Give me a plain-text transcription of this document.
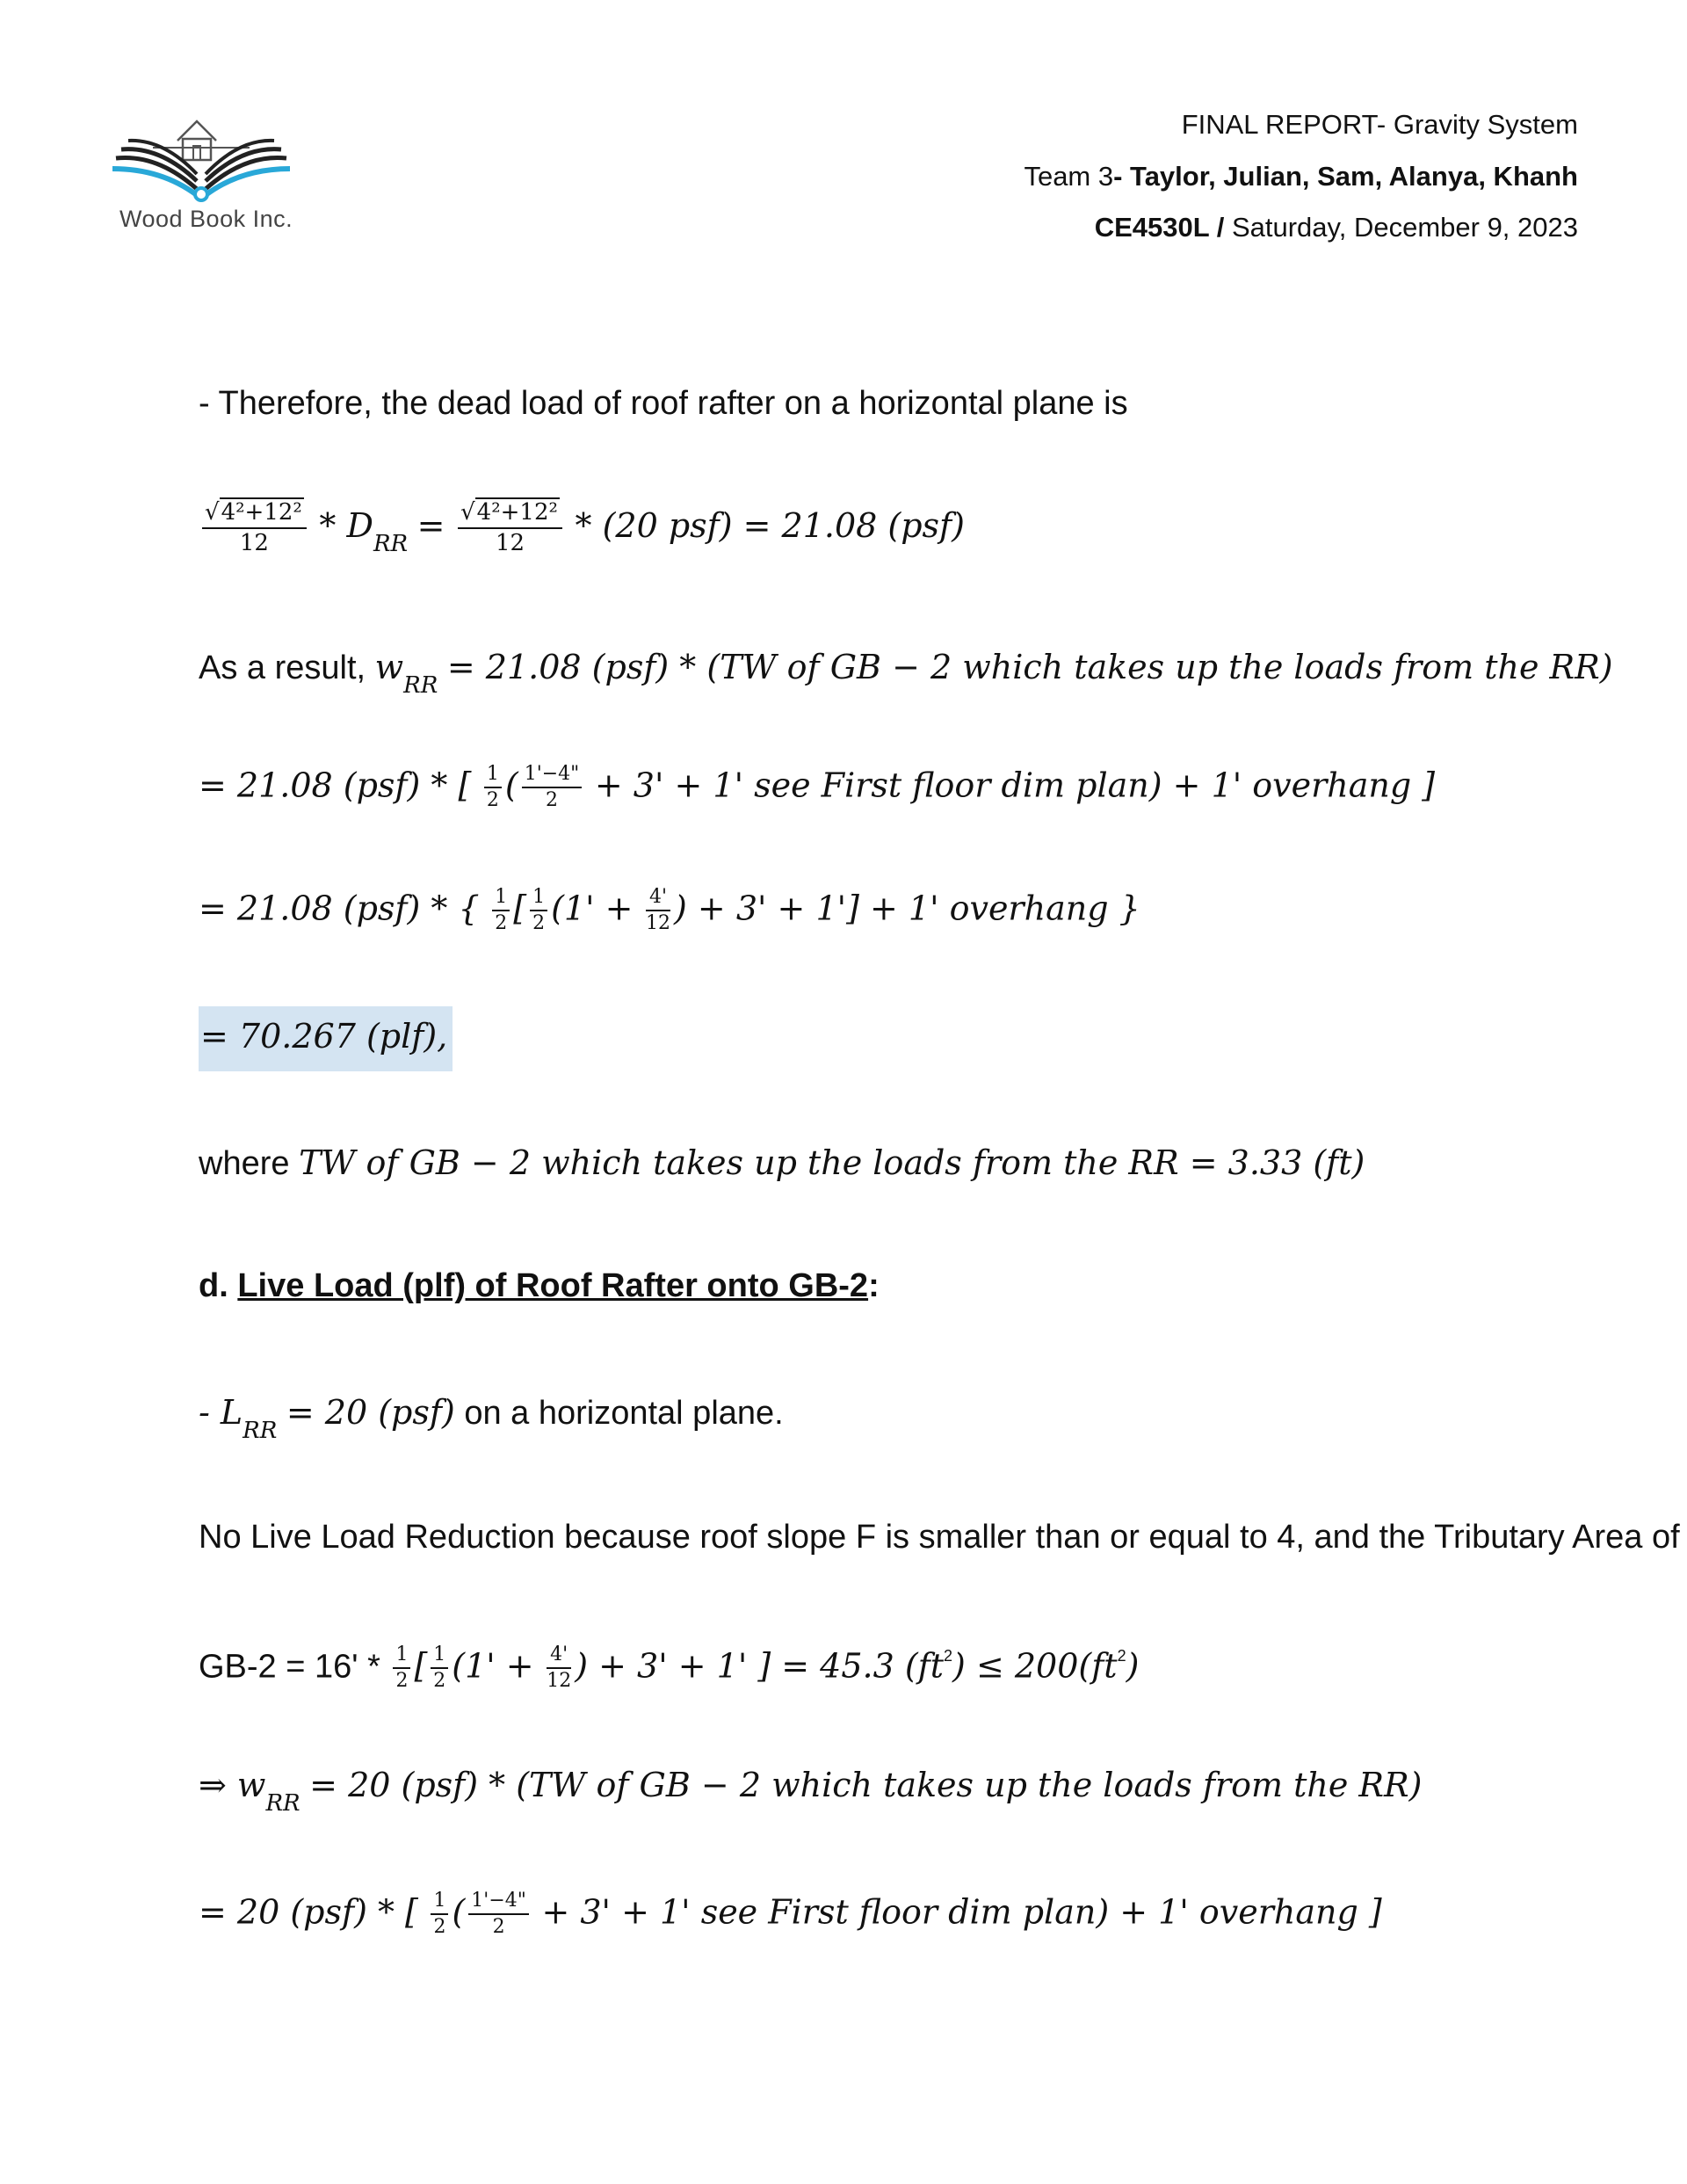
Wood Book Inc.
FINAL REPORT- Gravity System
Team 3- Taylor, Julian, Sam, Alanya, Khanh
CE4530L / Saturday, December 9, 2023
- Therefore, the dead load of roof rafter on a horizontal plane is
$\frac{\text{√4²+12²}}{12} * D_{RR} = \frac{\text{√4²+12²}}{12} * (20$ psf) = 21.08 (psf)
As a result, $w_{RR} = 21.08$ (psf) * (TW of GB − 2 which takes up the loads from the RR)
= 21.08 (psf) * [ $\frac{1}{2}$ ( $\frac{1'-4"}{2} + 3' + 1'$ see First floor dim plan) + 1' overhang ]
= 21.08 (psf) * { $\frac{1}{2}$ [ $\frac{1}{2} (1' + \frac{4'}{12}$ ) + 3' + 1'] + 1' overhang }
= 70.267 (plf),
where TW of GB − 2 which takes up the loads from the RR = 3.33 (ft)
d. Live Load (plf) of Roof Rafter onto GB-2:
- $L_{RR} = 20$ (psf) on a horizontal plane.
No Live Load Reduction because roof slope F is smaller than or equal to 4, and the Tributary Area of
$GB-2 = 16' * \frac{1}{2}$ [ $\frac{1}{2} (1' + \frac{4'}{12}$ ) + 3' + 1' ] = 45.3 $(ft^2) \le 200(ft^2)$
⇒ $w_{RR} = 20$ (psf) * (TW of GB − 2 which takes up the loads from the RR)
= 20 (psf) * [ $\frac{1}{2}$ ( $\frac{1'-4"}{2} + 3' + 1'$ see First floor dim plan) + 1' overhang ]
